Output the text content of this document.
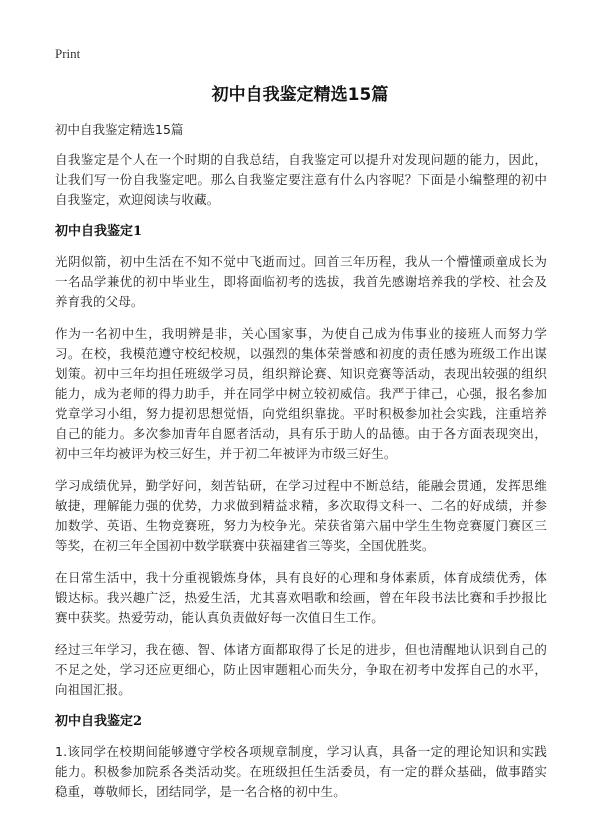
Print
初中自我鉴定精选15篇

初中自我鉴定精选15篇

自我鉴定是个人在一个时期的自我总结，自我鉴定可以提升对发现问题的能力，因此，让我们写一份自我鉴定吧。那么自我鉴定要注意有什么内容呢？下面是小编整理的初中自我鉴定，欢迎阅读与收藏。

初中自我鉴定1

光阴似箭，初中生活在不知不觉中飞逝而过。回首三年历程，我从一个懵懂顽童成长为一名品学兼优的初中毕业生，即将面临初考的选拔，我首先感谢培养我的学校、社会及养育我的父母。

作为一名初中生，我明辨是非，关心国家事，为使自己成为伟事业的接班人而努力学习。在校，我模范遵守校纪校规，以强烈的集体荣誉感和初度的责任感为班级工作出谋划策。初中三年均担任班级学习员，组织辩论赛、知识竞赛等活动，表现出较强的组织能力，成为老师的得力助手，并在同学中树立较初威信。我严于律己，心强，报名参加党章学习小组，努力提初思想觉悟，向党组织靠拢。平时积极参加社会实践，注重培养自己的能力。多次参加青年自愿者活动，具有乐于助人的品德。由于各方面表现突出，初中三年均被评为校三好生，并于初二年被评为市级三好生。

学习成绩优异，勤学好问，刻苦钻研，在学习过程中不断总结，能融会贯通，发挥思维敏捷，理解能力强的优势，力求做到精益求精，多次取得文科一、二名的好成绩，并参加数学、英语、生物竞赛班，努力为校争光。荣获省第六届中学生生物竞赛厦门赛区三等奖，在初三年全国初中数学联赛中获福建省三等奖，全国优胜奖。

在日常生活中，我十分重视锻炼身体，具有良好的心理和身体素质，体育成绩优秀，体锻达标。我兴趣广泛，热爱生活，尤其喜欢唱歌和绘画，曾在年段书法比赛和手抄报比赛中获奖。热爱劳动，能认真负责做好每一次值日生工作。

经过三年学习，我在德、智、体诸方面都取得了长足的进步，但也清醒地认识到自己的不足之处，学习还应更细心，防止因审题粗心而失分，争取在初考中发挥自己的水平，向祖国汇报。

初中自我鉴定2

1.该同学在校期间能够遵守学校各项规章制度，学习认真，具备一定的理论知识和实践能力。积极参加院系各类活动奖。在班级担任生活委员，有一定的群众基础，做事踏实稳重，尊敬师长，团结同学，是一名合格的初中生。
